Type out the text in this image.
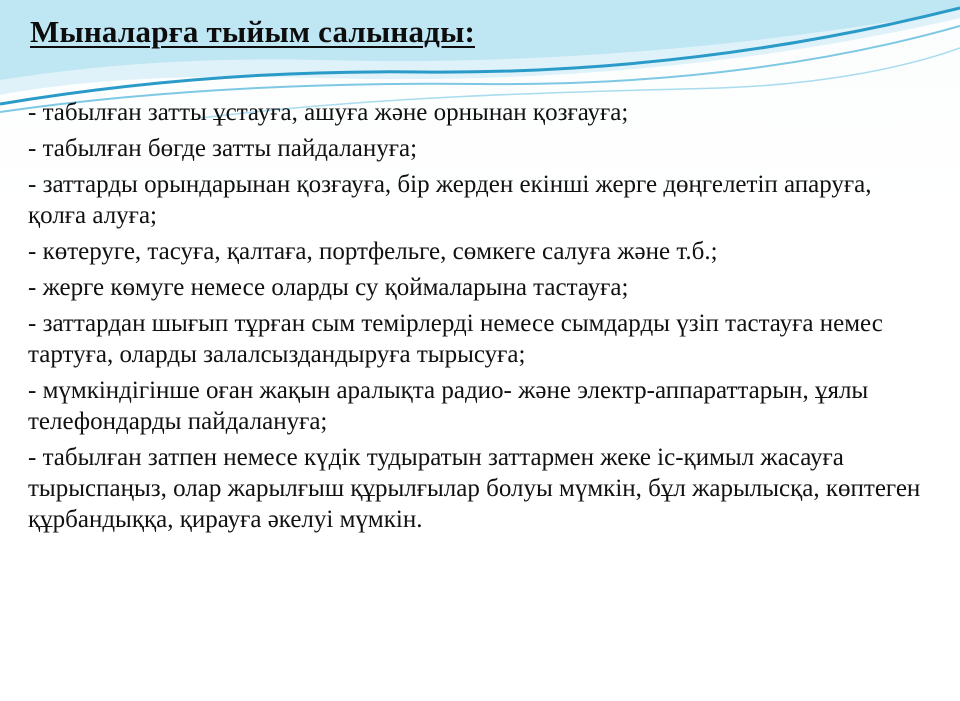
Мыналарға тыйым салынады:
- табылған затты ұстауға, ашуға және орнынан қозғауға;
- табылған бөгде затты пайдалануға;
- заттарды орындарынан қозғауға, бір жерден екінші жерге дөңгелетіп апаруға, қолға алуға;
- көтеруге, тасуға, қалтаға, портфельге, сөмкеге салуға және т.б.;
- жерге көмуге немесе оларды су қоймаларына тастауға;
- заттардан шығып тұрған сым темірлерді немесе сымдарды үзіп тастауға немес тартуға, оларды залалсыздандыруға тырысуға;
- мүмкіндігінше оған жақын аралықта радио- және электр-аппараттарын, ұялы телефондарды пайдалануға;
- табылған затпен немесе күдік тудыратын заттармен жеке іс-қимыл жасауға тырыспаңыз, олар жарылғыш құрылғылар болуы мүмкін, бұл жарылысқа, көптеген құрбандыққа, қирауға әкелуі мүмкін.
